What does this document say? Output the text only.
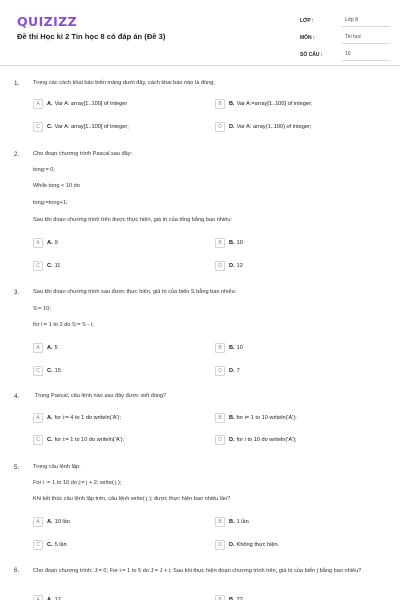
QUIZIZZ
Đề thi Học kì 2 Tin học 8 có đáp án (Đề 3)
LỚP :	Lớp 8
MÔN :	Tin học
SỐ CÂU :	10
1. Trong các cách khai báo biến mảng dưới đây, cách khai báo nào là đúng:
A	A. Var A: array[1..100] of integer	B	B. Var A:=array[1..100] of integer;
C	C. Var A: array[1..100] of integer;	D	D. Var A: array(1..100) of integer;
2. Cho đoạn chương trình Pascal sau đây:
tong:= 0;
While tong < 10 do
tong:=tong+1;
Sau khi đoạn chương trình trên được thực hiện, giá trị của tổng bằng bao nhiêu:
A	A. 9	B	B. 10
C	C. 11	D	D. 12
3. Sau khi đoạn chương trình sau được thực hiện, giá trị của biến S bằng bao nhiêu:
S:= 10;
for i:= 1 to 2 do S:= S - i;
A	A. 5	B	B. 10
C	C. 15	D	D. 7
4.	Trong Pascal, câu lệnh nào sau đây được viết đúng?
A	A. for i:= 4 to 1 do writeln('A');	B	B. for i= 1 to 10 writeln('A');
C	C. for i:= 1 to 10 do writeln('A');	D	D. for i to 10 do writeln('A');
5. Trong câu lệnh lặp:
For i := 1 to 10 do j:= j + 2; write( j );
Khi kết thúc câu lệnh lặp trên, câu lệnh write( j ); được thực hiện bao nhiêu lần?
A	A. 10 lần	B	B. 1 lần
C	C. 5 lần	D	D. Không thực hiện.
6. Cho đoạn chương trình: J:= 0; For i:= 1 to 5 do J:= J + i; Sau khi thực hiện đoạn chương trình trên, giá trị của biến j bằng bao nhiêu?
A	A. 12	B	B. 22
